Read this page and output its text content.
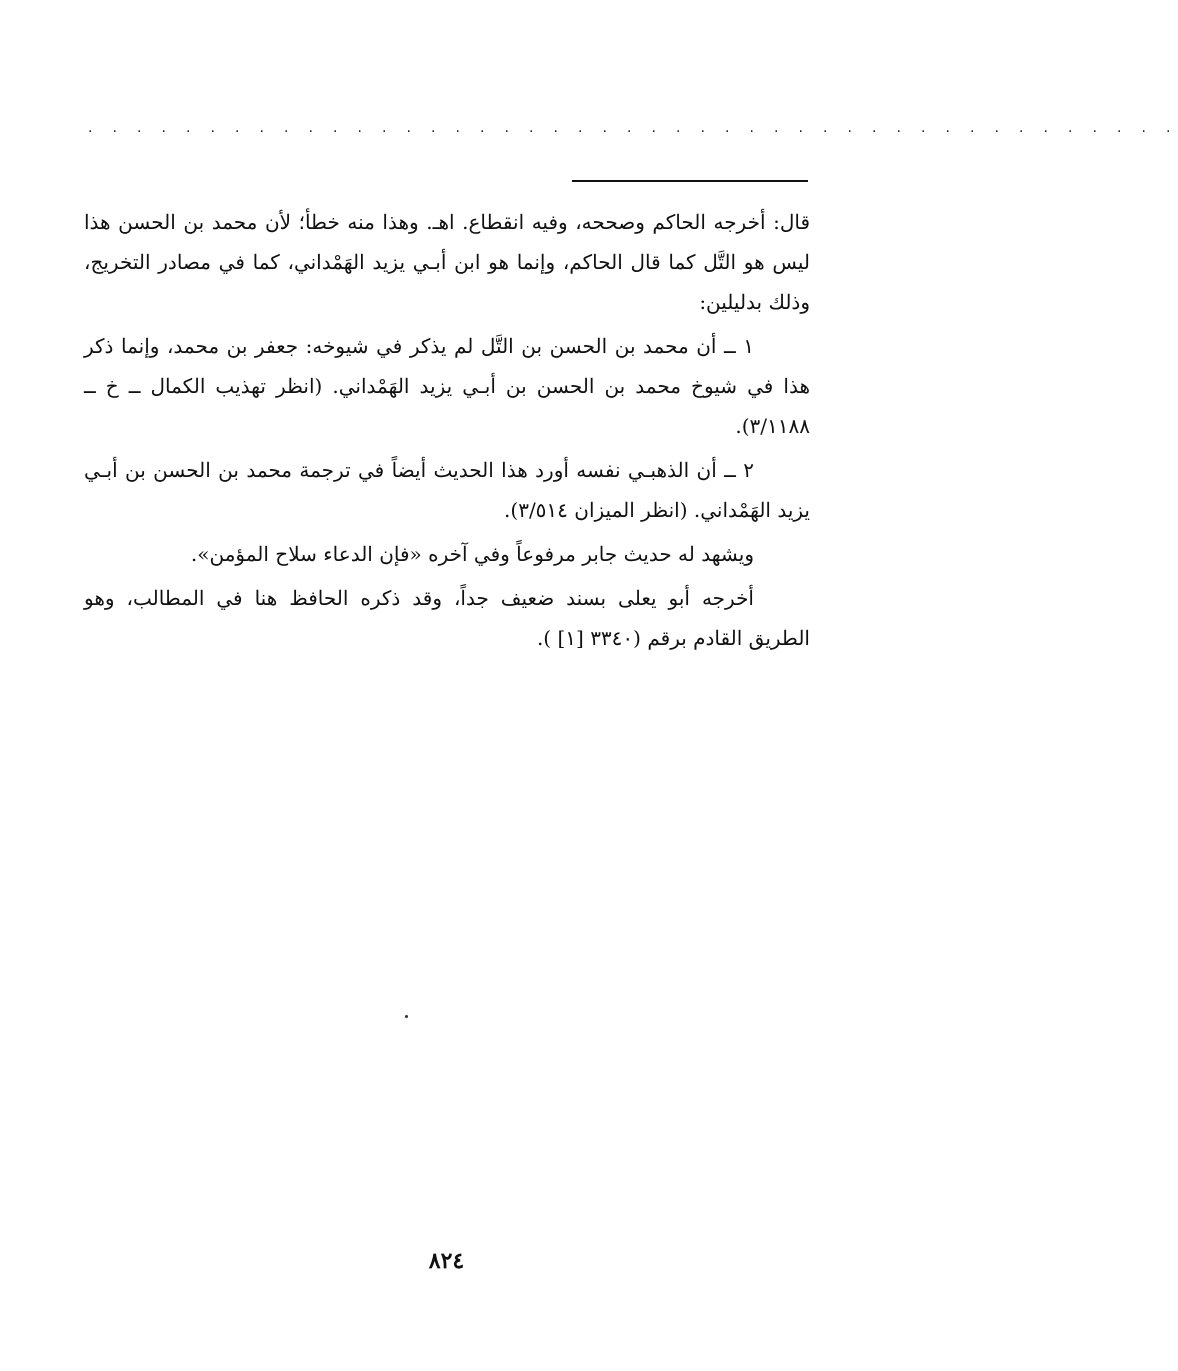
. . . . . . . . . . . . . . . . . . . . . . . . . . . . . . . . . . . . . . . . . . . . .

قال: أخرجه الحاكم وصححه، وفيه انقطاع. اهـ. وهذا منه خطأ؛ لأن محمد بن الحسن هذا ليس هو التَّل كما قال الحاكم، وإنما هو ابن أبـي يزيد الهَمْداني، كما في مصادر التخريج، وذلك بدليلين:

١ ــ أن محمد بن الحسن بن التَّل لم يذكر في شيوخه: جعفر بن محمد، وإنما ذكر هذا في شيوخ محمد بن الحسن بن أبـي يزيد الهَمْداني. (انظر تهذيب الكمال ــ خ ــ ٣/١١٨٨).

٢ ــ أن الذهبـي نفسه أورد هذا الحديث أيضاً في ترجمة محمد بن الحسن بن أبـي يزيد الهَمْداني. (انظر الميزان ٣/٥١٤).

ويشهد له حديث جابر مرفوعاً وفي آخره «فإن الدعاء سلاح المؤمن».

أخرجه أبو يعلى بسند ضعيف جداً، وقد ذكره الحافظ هنا في المطالب، وهو الطريق القادم برقم (٣٣٤٠ [١] ).

٨٢٤
